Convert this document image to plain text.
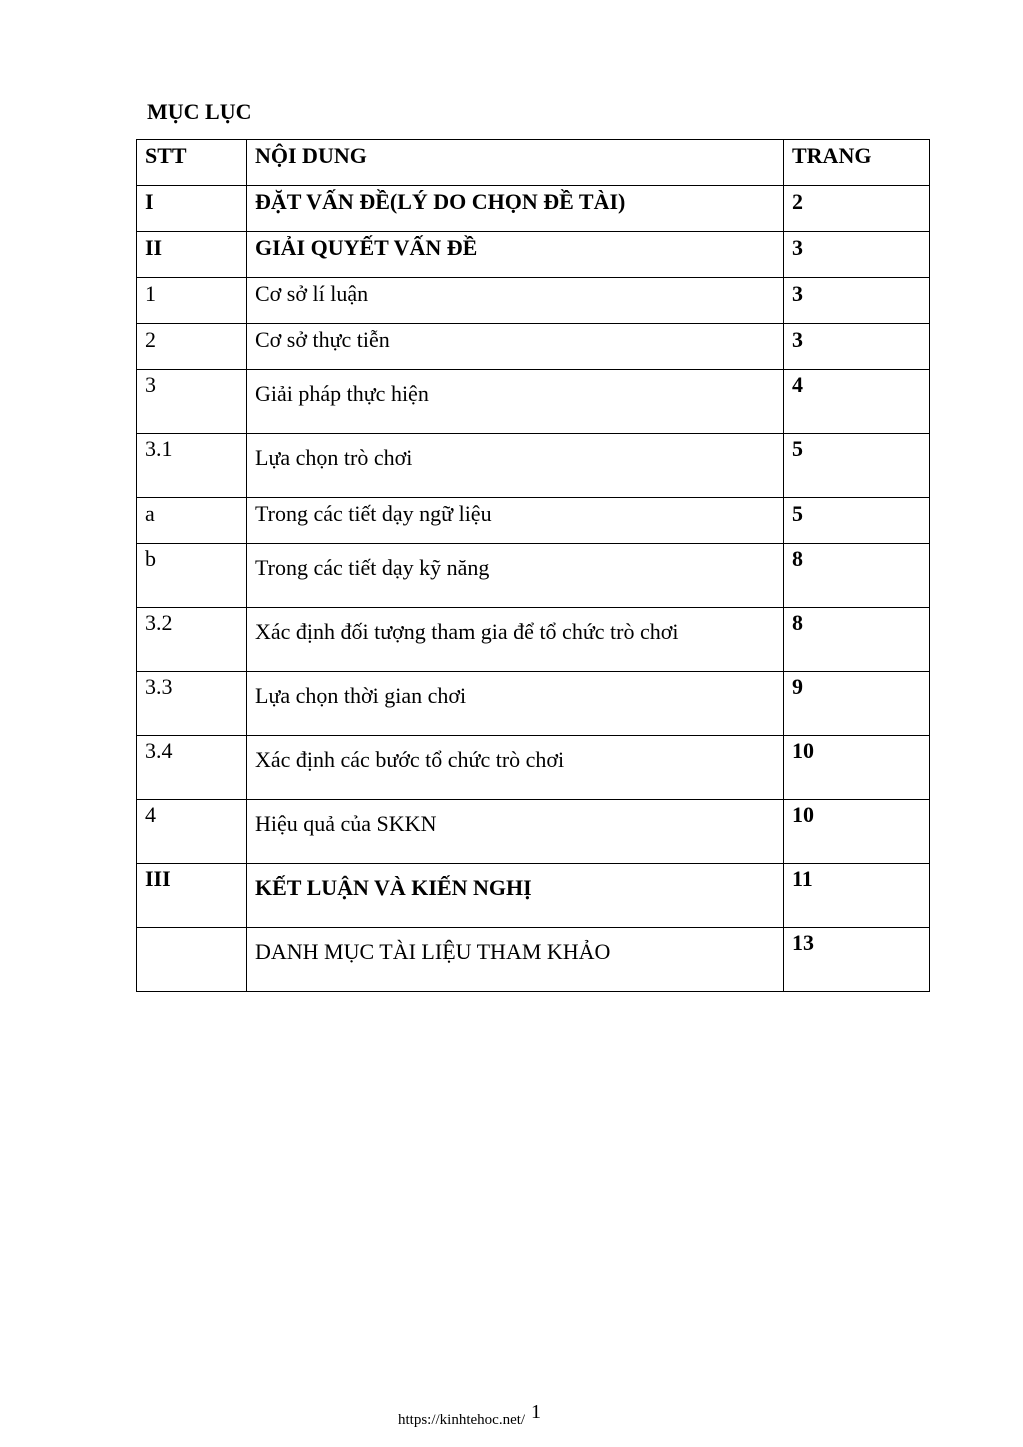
MỤC LỤC
STT	NỘI DUNG	TRANG
I	ĐẶT VẤN ĐỀ(LÝ DO CHỌN ĐỀ TÀI)	2
II	GIẢI QUYẾT VẤN ĐỀ	3
1	Cơ sở lí luận	3
2	Cơ sở thực tiễn	3
3	Giải pháp thực hiện	4
3.1	Lựa chọn trò chơi	5
a	Trong các tiết dạy ngữ liệu	5
b	Trong các tiết dạy kỹ năng	8
3.2	Xác định đối tượng tham gia để tổ chức trò chơi	8
3.3	Lựa chọn thời gian chơi	9
3.4	Xác định các bước tổ chức trò chơi	10
4	Hiệu quả của SKKN	10
III	KẾT LUẬN VÀ KIẾN NGHỊ	11
	DANH MỤC TÀI LIỆU THAM KHẢO	13
1
https://kinhtehoc.net/
